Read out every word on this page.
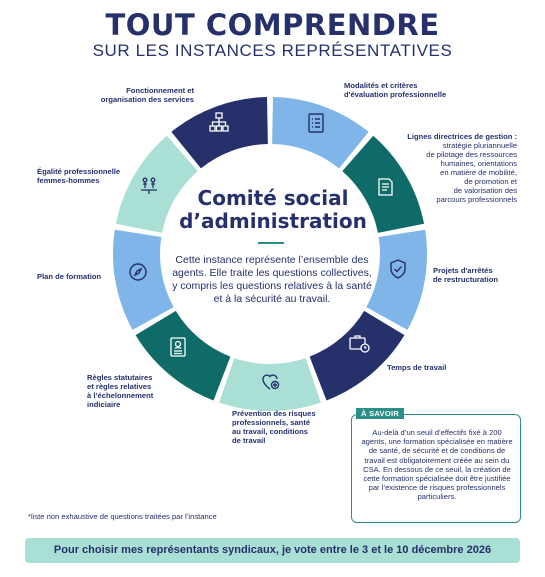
TOUT COMPRENDRE
SUR LES INSTANCES REPRÉSENTATIVES
Comité social
d’administration
Cette instance représente l’ensemble des agents. Elle traite les questions collectives, y compris les questions relatives à la santé et à la sécurité au travail.
Modalités et critères
d'évaluation professionnelle
Lignes directrices de gestion :
stratégie pluriannuelle
de pilotage des ressources
humaines, orientations
en matière de mobilité,
de promotion et
de valorisation des
parcours professionnels
Projets d'arrêtés
de restructuration
Temps de travail
Prévention des risques
professionnels, santé
au travail, conditions
de travail
Règles statutaires
et règles relatives
à l’échelonnement
indiciaire
Plan de formation
Égalité professionnelle
femmes-hommes
Fonctionnement et
organisation des services
À SAVOIR
Au-delà d’un seuil d’effectifs fixé à 200 agents, une formation spécialisée en matière de santé, de sécurité et de conditions de travail est obligatoirement créée au sein du CSA. En dessous de ce seuil, la création de cette formation spécialisée doit être justifiée par l’existence de risques professionnels particuliers.
*liste non exhaustive de questions traitées par l’instance
Pour choisir mes représentants syndicaux, je vote entre le 3 et le 10 décembre 2026
